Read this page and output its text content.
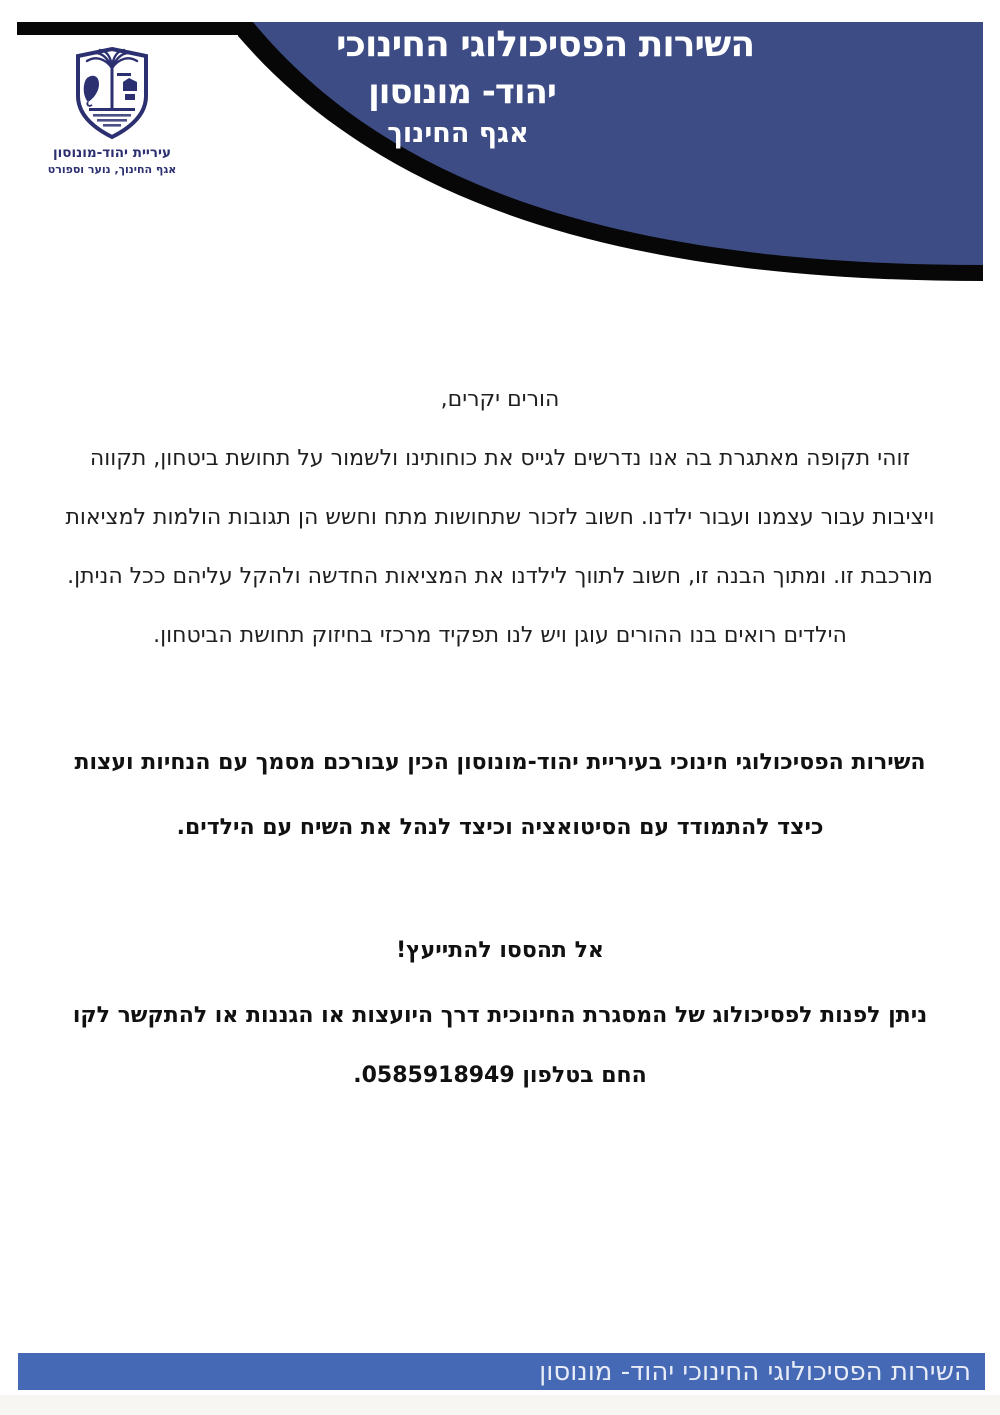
השירות הפסיכולוגי החינוכי
יהוד- מונוסון
אגף החינוך
עיריית יהוד-מונוסון
אגף החינוך, נוער וספורט
הורים יקרים,
זוהי תקופה מאתגרת בה אנו נדרשים לגייס את כוחותינו ולשמור על תחושת ביטחון, תקווה
ויציבות עבור עצמנו ועבור ילדנו. חשוב לזכור שתחושות מתח וחשש הן תגובות הולמות למציאות
מורכבת זו. ומתוך הבנה זו, חשוב לתווך לילדנו את המציאות החדשה ולהקל עליהם ככל הניתן.
הילדים רואים בנו ההורים עוגן ויש לנו תפקיד מרכזי בחיזוק תחושת הביטחון.
השירות הפסיכולוגי חינוכי בעיריית יהוד-מונוסון הכין עבורכם מסמך עם הנחיות ועצות
כיצד להתמודד עם הסיטואציה וכיצד לנהל את השיח עם הילדים.
אל תהססו להתייעץ!
ניתן לפנות לפסיכולוג של המסגרת החינוכית דרך היועצות או הגננות או להתקשר לקו
החם בטלפון 0585918949.
השירות הפסיכולוגי החינוכי יהוד- מונוסון
